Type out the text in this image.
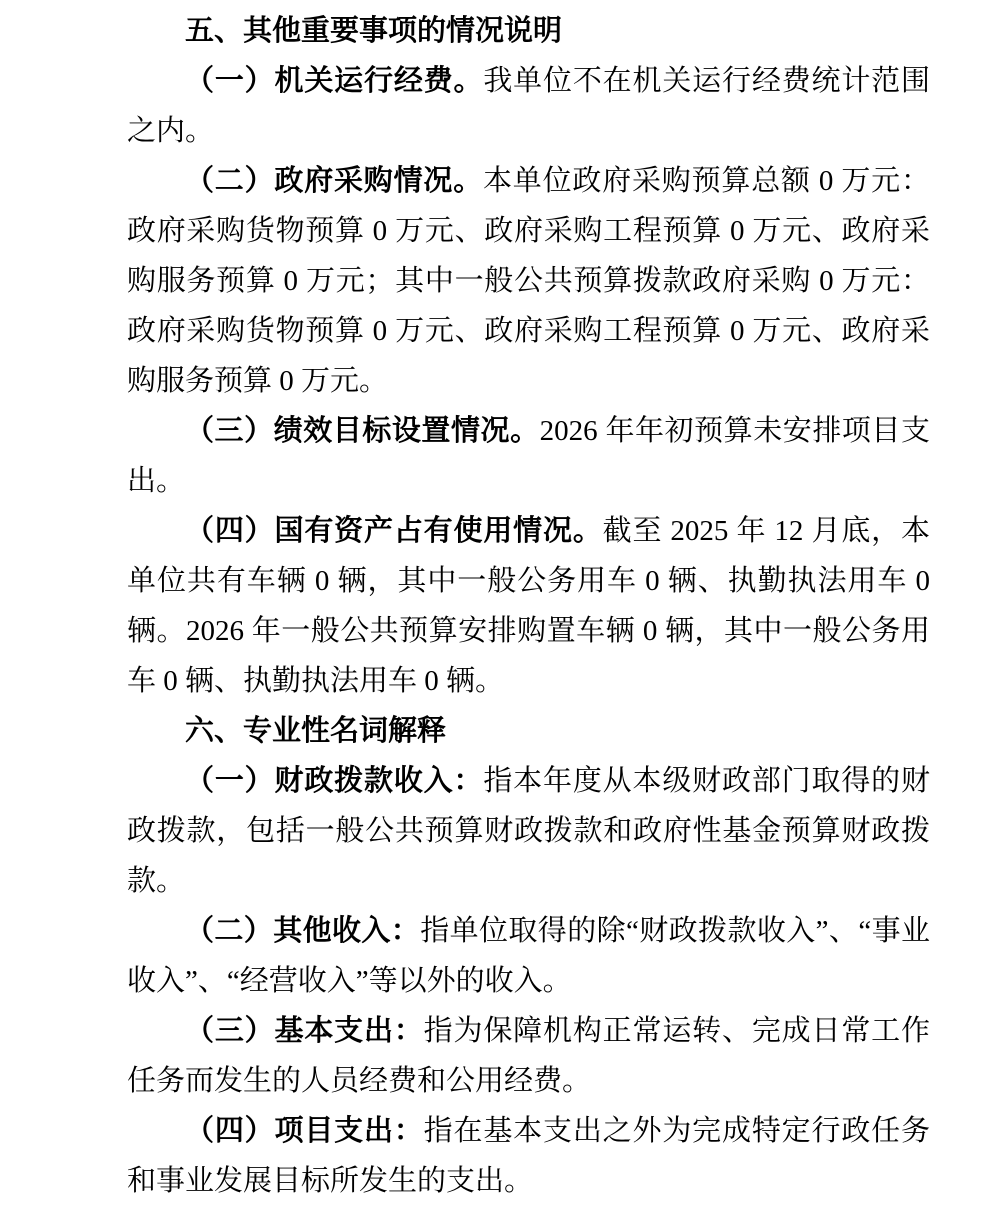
五、其他重要事项的情况说明

（一）机关运行经费。我单位不在机关运行经费统计范围之内。

（二）政府采购情况。本单位政府采购预算总额 0 万元：政府采购货物预算 0 万元、政府采购工程预算 0 万元、政府采购服务预算 0 万元；其中一般公共预算拨款政府采购 0 万元：政府采购货物预算 0 万元、政府采购工程预算 0 万元、政府采购服务预算 0 万元。

（三）绩效目标设置情况。2026 年年初预算未安排项目支出。

（四）国有资产占有使用情况。截至 2025 年 12 月底，本单位共有车辆 0 辆，其中一般公务用车 0 辆、执勤执法用车 0 辆。2026 年一般公共预算安排购置车辆 0 辆，其中一般公务用车 0 辆、执勤执法用车 0 辆。

六、专业性名词解释

（一）财政拨款收入：指本年度从本级财政部门取得的财政拨款，包括一般公共预算财政拨款和政府性基金预算财政拨款。

（二）其他收入：指单位取得的除“财政拨款收入”、“事业收入”、“经营收入”等以外的收入。

（三）基本支出：指为保障机构正常运转、完成日常工作任务而发生的人员经费和公用经费。

（四）项目支出：指在基本支出之外为完成特定行政任务和事业发展目标所发生的支出。
